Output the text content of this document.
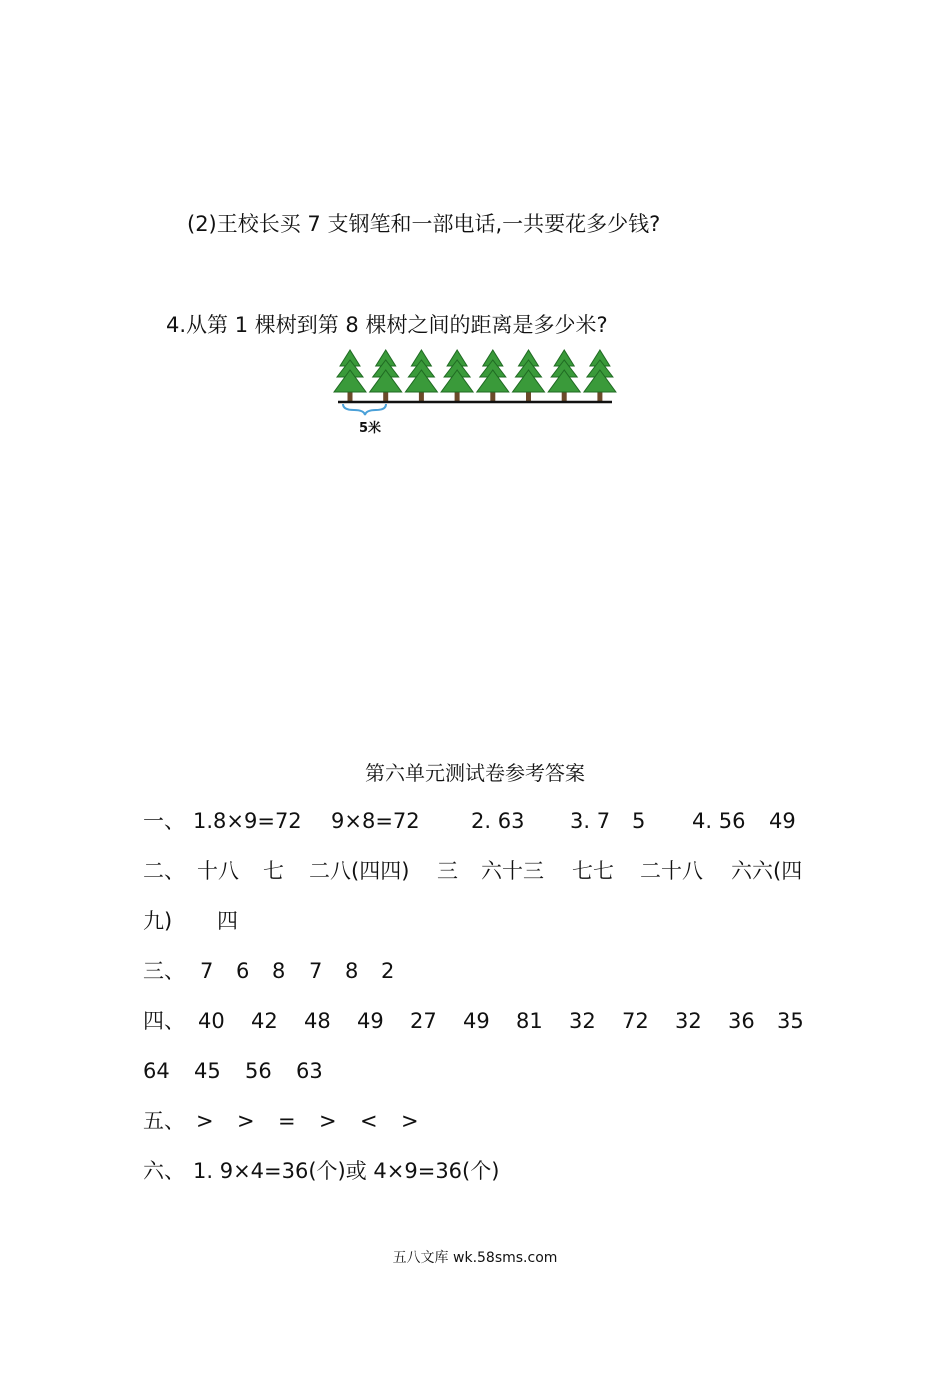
(2)王校长买 7 支钢笔和一部电话,一共要花多少钱?
4.从第 1 棵树到第 8 棵树之间的距离是多少米?
5米
第六单元测试卷参考答案

一、

1.8×9=72

9×8=72

2. 63

3. 7

5

4. 56

49

二、

十八

七

二八(四四)

三

六十三

七七

二十八

六六(四

九)

四

三、

7

6

8

7

8

2

四、

40

42

48

49

27

49

81

32

72

32

36

35

64

45

56

63

五、

>

>

=

>

<

>

六、

1. 9×4=36(个)或 4×9=36(个)

五八文库 wk.58sms.com
